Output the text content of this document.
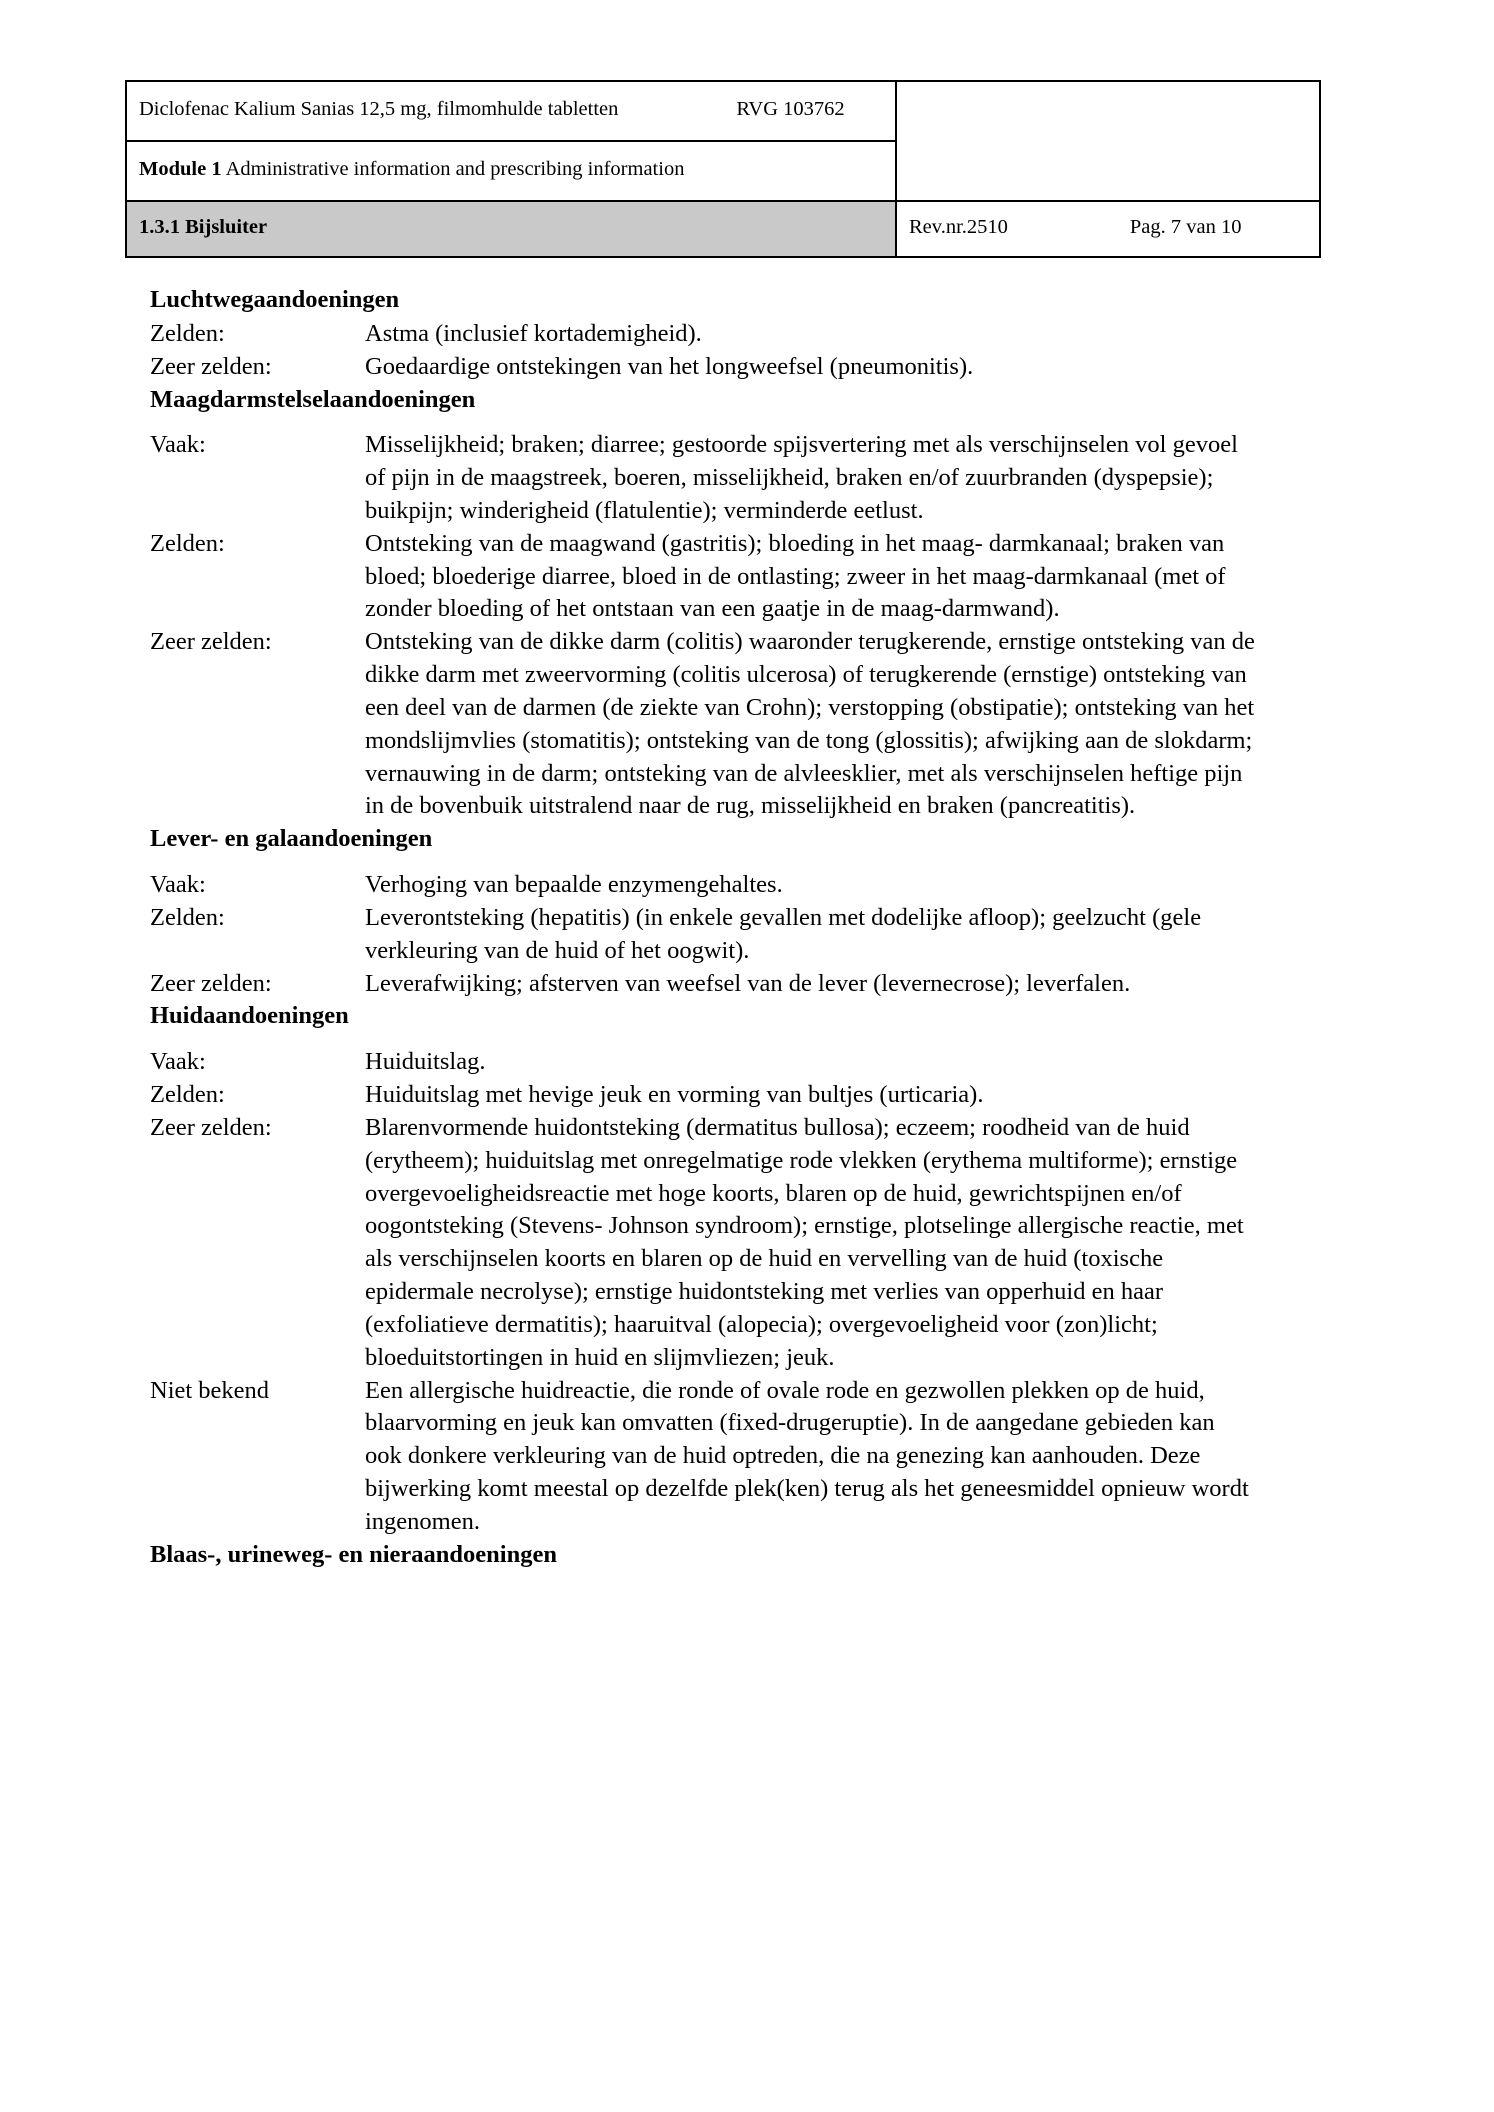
Diclofenac Kalium Sanias 12,5 mg, filmomhulde tabletten RVG 103762	

Module 1 Administrative information and prescribing information	
1.3.1 Bijsluiter	Rev.nr.2510 Pag. 7 van 10
Luchtwegaandoeningen
Zelden:	Astma (inclusief kortademigheid).
Zeer zelden:	Goedaardige ontstekingen van het longweefsel (pneumonitis).
Maagdarmstelselaandoeningen
Vaak:	Misselijkheid; braken; diarree; gestoorde spijsvertering met als verschijnselen vol gevoel of pijn in de maagstreek, boeren, misselijkheid, braken en/of zuurbranden (dyspepsie); buikpijn; winderigheid (flatulentie); verminderde eetlust.
Zelden:	Ontsteking van de maagwand (gastritis); bloeding in het maag- darmkanaal; braken van bloed; bloederige diarree, bloed in de ontlasting; zweer in het maag-darmkanaal (met of zonder bloeding of het ontstaan van een gaatje in de maag-darmwand).
Zeer zelden:	Ontsteking van de dikke darm (colitis) waaronder terugkerende, ernstige ontsteking van de dikke darm met zweervorming (colitis ulcerosa) of terugkerende (ernstige) ontsteking van een deel van de darmen (de ziekte van Crohn); verstopping (obstipatie); ontsteking van het mondslijmvlies (stomatitis); ontsteking van de tong (glossitis); afwijking aan de slokdarm; vernauwing in de darm; ontsteking van de alvleesklier, met als verschijnselen heftige pijn in de bovenbuik uitstralend naar de rug, misselijkheid en braken (pancreatitis).
Lever- en galaandoeningen
Vaak:	Verhoging van bepaalde enzymengehaltes.
Zelden:	Leverontsteking (hepatitis) (in enkele gevallen met dodelijke afloop); geelzucht (gele verkleuring van de huid of het oogwit).
Zeer zelden:	Leverafwijking; afsterven van weefsel van de lever (levernecrose); leverfalen.
Huidaandoeningen
Vaak:	Huiduitslag.
Zelden:	Huiduitslag met hevige jeuk en vorming van bultjes (urticaria).
Zeer zelden:	Blarenvormende huidontsteking (dermatitus bullosa); eczeem; roodheid van de huid (erytheem); huiduitslag met onregelmatige rode vlekken (erythema multiforme); ernstige overgevoeligheidsreactie met hoge koorts, blaren op de huid, gewrichtspijnen en/of oogontsteking (Stevens- Johnson syndroom); ernstige, plotselinge allergische reactie, met als verschijnselen koorts en blaren op de huid en vervelling van de huid (toxische epidermale necrolyse); ernstige huidontsteking met verlies van opperhuid en haar (exfoliatieve dermatitis); haaruitval (alopecia); overgevoeligheid voor (zon)licht; bloeduitstortingen in huid en slijmvliezen; jeuk.
Niet bekend	Een allergische huidreactie, die ronde of ovale rode en gezwollen plekken op de huid, blaarvorming en jeuk kan omvatten (fixed-drugeruptie). In de aangedane gebieden kan ook donkere verkleuring van de huid optreden, die na genezing kan aanhouden. Deze bijwerking komt meestal op dezelfde plek(ken) terug als het geneesmiddel opnieuw wordt ingenomen.
Blaas-, urineweg- en nieraandoeningen
